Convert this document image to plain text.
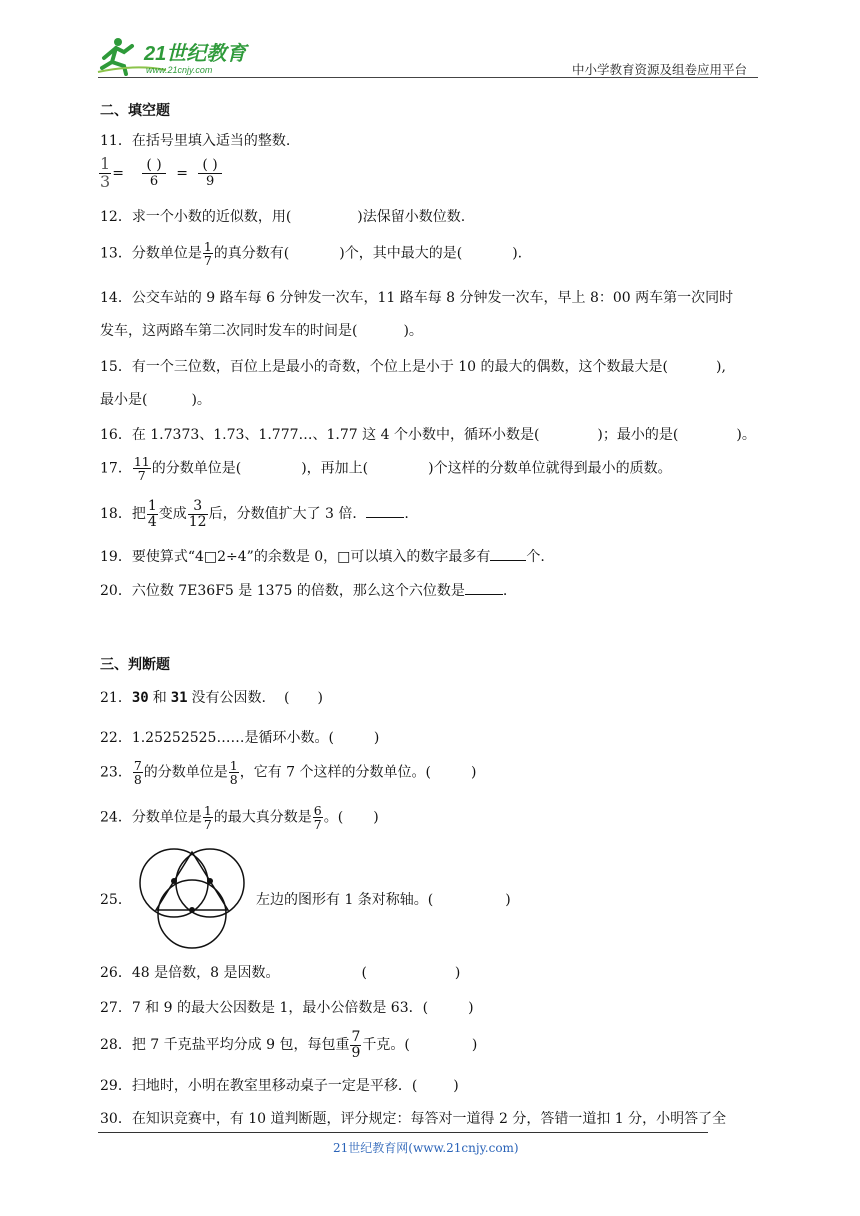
21世纪教育
www.21cnjy.com	中小学教育资源及组卷应用平台
二、填空题
11．在括号里填入适当的整数.
$\frac{1}{3} = \frac{( )}{6} = \frac{( )}{9}$
12．求一个小数的近似数，用(	)法保留小数位数.
13．分数单位是 $\frac{1}{7}$ 的真分数有(	)个，其中最大的是(	).
14．公交车站的 9 路车每 6 分钟发一次车，11 路车每 8 分钟发一次车，早上 8：00 两车第一次同时
发车，这两路车第二次同时发车的时间是(	)。
15．有一个三位数，百位上是最小的奇数，个位上是小于 10 的最大的偶数，这个数最大是(	),
最小是(	)。
16．在 1.7373、1.73、1.777…、1.77 这 4 个小数中，循环小数是(	)；最小的是(	)。
17． $\frac{11}{7}$ 的分数单位是(	)，再加上(	)个这样的分数单位就得到最小的质数。
18．把 $\frac{1}{4}$ 变成 $\frac{3}{12}$ 后，分数值扩大了 3 倍．	.
19．要使算式“4□2÷4”的余数是 0，□可以填入的数字最多有	个.
20．六位数 7E36F5 是 1375 的倍数，那么这个六位数是	.
三、判断题
21．30 和 31 没有公因数. (　　)
22．1.25252525……是循环小数。(	)
23． $\frac{7}{8}$ 的分数单位是 $\frac{1}{8}$ ，它有 7 个这样的分数单位。(	)
24．分数单位是 $\frac{1}{7}$ 的最大真分数是 $\frac{6}{7}$ 。( )
25．	左边的图形有 1 条对称轴。(	)
26．48 是倍数，8 是因数。	(	)
27．7 和 9 的最大公因数是 1，最小公倍数是 63．(	)
28．把 7 千克盐平均分成 9 包，每包重 $\frac{7}{9}$ 千克。(	)
29．扫地时，小明在教室里移动桌子一定是平移．(	)
30．在知识竞赛中，有 10 道判断题，评分规定：每答对一道得 2 分，答错一道扣 1 分，小明答了全
21世纪教育网(www.21cnjy.com)
